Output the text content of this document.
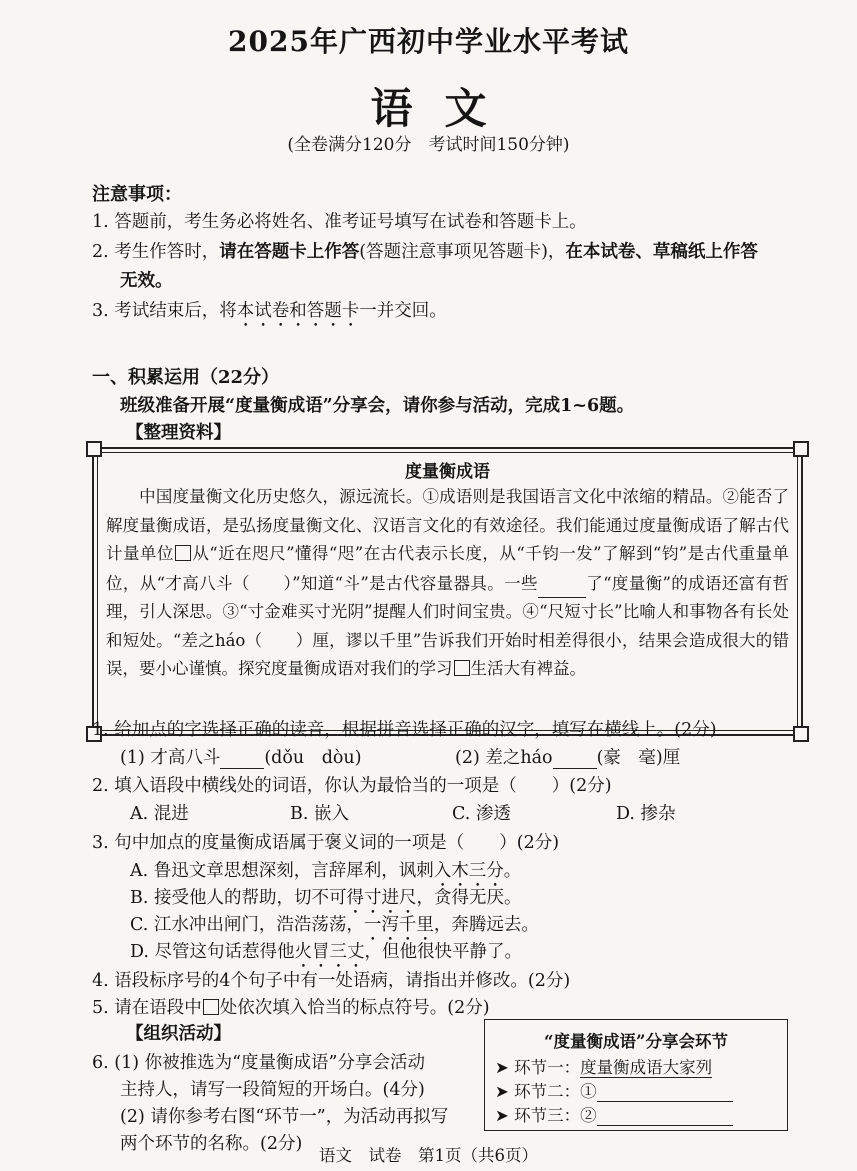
2025年广西初中学业水平考试
语文
(全卷满分120分　考试时间150分钟)
注意事项：
1. 答题前，考生务必将姓名、准考证号填写在试卷和答题卡上。
2. 考生作答时，请在答题卡上作答(答题注意事项见答题卡)，在本试卷、草稿纸上作答
无效。
3. 考试结束后，将本试卷和答题卡一并交回。
一、积累运用（22分）
班级准备开展“度量衡成语”分享会，请你参与活动，完成1~6题。
【整理资料】
度量衡成语
中国度量衡文化历史悠久，源远流长。①成语则是我国语言文化中浓缩的精品。②能否了解度量衡成语，是弘扬度量衡文化、汉语言文化的有效途径。我们能通过度量衡成语了解古代计量单位 从“近在咫尺”懂得“咫”在古代表示长度，从“千钧一发”了解到“钧”是古代重量单位，从“才高八斗（　　）”知道“斗”是古代容量器具。一些	了“度量衡”的成语还富有哲理，引人深思。③“寸金难买寸光阴”提醒人们时间宝贵。④“尺短寸长”比喻人和事物各有长处和短处。“差之háo（　　）厘，谬以千里”告诉我们开始时相差得很小，结果会造成很大的错误，要小心谨慎。探究度量衡成语对我们的学习 生活大有裨益。
1. 给加点的字选择正确的读音，根据拼音选择正确的汉字，填写在横线上。(2分)
(1) 才高八斗	(dǒu　dòu)	(2) 差之háo	(豪　毫)厘
2. 填入语段中横线处的词语，你认为最恰当的一项是（　　）(2分)
A. 混进	B. 嵌入	C. 渗透	D. 掺杂
3. 句中加点的度量衡成语属于褒义词的一项是（　　）(2分)
A. 鲁迅文章思想深刻，言辞犀利，讽刺入木三分。
B. 接受他人的帮助，切不可得寸进尺，贪得无厌。
C. 江水冲出闸门，浩浩荡荡，一泻千里，奔腾远去。
D. 尽管这句话惹得他火冒三丈，但他很快平静了。
4. 语段标序号的4个句子中有一处语病，请指出并修改。(2分)
5. 请在语段中 处依次填入恰当的标点符号。(2分)
【组织活动】
6. (1) 你被推选为“度量衡成语”分享会活动
主持人，请写一段简短的开场白。(4分)
(2) 请你参考右图“环节一”，为活动再拟写
两个环节的名称。(2分)
“度量衡成语”分享会环节
➤ 环节一：度量衡成语大家列
➤ 环节二：①
➤ 环节三：②
语文　试卷　第1页（共6页）
